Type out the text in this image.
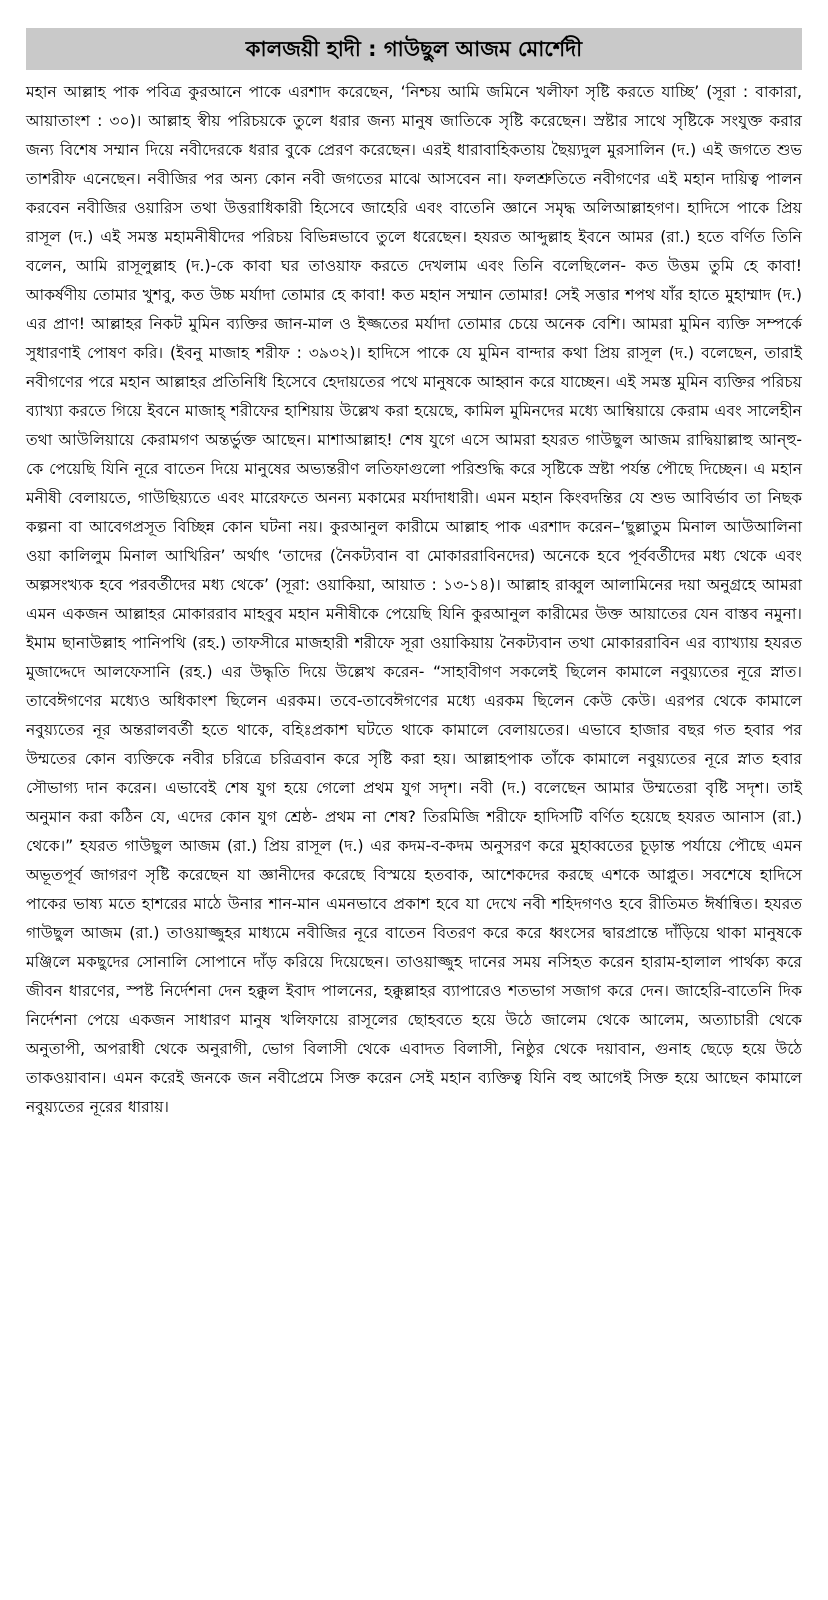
কালজয়ী হাদী : গাউছুল আজম মোর্শেদী

মহান আল্লাহ পাক পবিত্র কুরআনে পাকে এরশাদ করেছেন, ‘নিশ্চয় আমি জমিনে খলীফা সৃষ্টি করতে যাচ্ছি’ (সূরা : বাকারা, আয়াতাংশ : ৩০)। আল্লাহ স্বীয় পরিচয়কে তুলে ধরার জন্য মানুষ জাতিকে সৃষ্টি করেছেন। স্রষ্টার সাথে সৃষ্টিকে সংযুক্ত করার জন্য বিশেষ সম্মান দিয়ে নবীদেরকে ধরার বুকে প্রেরণ করেছেন। এরই ধারাবাহিকতায় ছৈয়্যদুল মুরসালিন (দ.) এই জগতে শুভ তাশরীফ এনেছেন। নবীজির পর অন্য কোন নবী জগতের মাঝে আসবেন না। ফলশ্রুতিতে নবীগণের এই মহান দায়িত্ব পালন করবেন নবীজির ওয়ারিস তথা উত্তরাধিকারী হিসেবে জাহেরি এবং বাতেনি জ্ঞানে সমৃদ্ধ অলিআল্লাহগণ। হাদিসে পাকে প্রিয় রাসূল (দ.) এই সমস্ত মহামনীষীদের পরিচয় বিভিন্নভাবে তুলে ধরেছেন। হযরত আব্দুল্লাহ ইবনে আমর (রা.) হতে বর্ণিত তিনি বলেন, আমি রাসূলুল্লাহ (দ.)-কে কাবা ঘর তাওয়াফ করতে দেখলাম এবং তিনি বলেছিলেন- কত উত্তম তুমি হে কাবা! আকর্ষণীয় তোমার খুশবু, কত উচ্চ মর্যাদা তোমার হে কাবা! কত মহান সম্মান তোমার! সেই সত্তার শপথ যাঁর হাতে মুহাম্মাদ (দ.) এর প্রাণ! আল্লাহর নিকট মুমিন ব্যক্তির জান-মাল ও ইজ্জতের মর্যাদা তোমার চেয়ে অনেক বেশি। আমরা মুমিন ব্যক্তি সম্পর্কে সুধারণাই পোষণ করি। (ইবনু মাজাহ শরীফ : ৩৯৩২)। হাদিসে পাকে যে মুমিন বান্দার কথা প্রিয় রাসূল (দ.) বলেছেন, তারাই নবীগণের পরে মহান আল্লাহর প্রতিনিধি হিসেবে হেদায়তের পথে মানুষকে আহ্বান করে যাচ্ছেন। এই সমস্ত মুমিন ব্যক্তির পরিচয় ব্যাখ্যা করতে গিয়ে ইবনে মাজাহ্ শরীফের হাশিয়ায় উল্লেখ করা হয়েছে, কামিল মুমিনদের মধ্যে আম্বিয়ায়ে কেরাম এবং সালেহীন তথা আউলিয়ায়ে কেরামগণ অন্তর্ভুক্ত আছেন। মাশাআল্লাহ! শেষ যুগে এসে আমরা হযরত গাউছুল আজম রাদ্বিয়াল্লাহু আন্হু-কে পেয়েছি যিনি নূরে বাতেন দিয়ে মানুষের অভ্যন্তরীণ লতিফাগুলো পরিশুদ্ধি করে সৃষ্টিকে স্রষ্টা পর্যন্ত পৌছে দিচ্ছেন। এ মহান মনীষী বেলায়তে, গাউছিয়্যতে এবং মারেফতে অনন্য মকামের মর্যাদাধারী। এমন মহান কিংবদন্তির যে শুভ আবির্ভাব তা নিছক কল্পনা বা আবেগপ্রসূত বিচ্ছিন্ন কোন ঘটনা নয়। কুরআনুল কারীমে আল্লাহ পাক এরশাদ করেন–‘ছুল্লাতুম মিনাল আউআলিনা ওয়া কালিলুম মিনাল আখিরিন’ অর্থাৎ ‘তাদের (নৈকট্যবান বা মোকাররাবিনদের) অনেকে হবে পূর্ববর্তীদের মধ্য থেকে এবং অল্পসংখ্যক হবে পরবর্তীদের মধ্য থেকে’ (সূরা: ওয়াকিয়া, আয়াত : ১৩-১৪)। আল্লাহ রাব্বুল আলামিনের দয়া অনুগ্রহে আমরা এমন একজন আল্লাহর মোকাররাব মাহবুব মহান মনীষীকে পেয়েছি যিনি কুরআনুল কারীমের উক্ত আয়াতের যেন বাস্তব নমুনা। ইমাম ছানাউল্লাহ পানিপথি (রহ.) তাফসীরে মাজহারী শরীফে সূরা ওয়াকিয়ায় নৈকট্যবান তথা মোকাররাবিন এর ব্যাখ্যায় হযরত মুজাদ্দেদে আলফেসানি (রহ.) এর উদ্ধৃতি দিয়ে উল্লেখ করেন- “সাহাবীগণ সকলেই ছিলেন কামালে নবুয়্যতের নূরে স্নাত। তাবেঈগণের মধ্যেও অধিকাংশ ছিলেন এরকম। তবে-তাবেঈগণের মধ্যে এরকম ছিলেন কেউ কেউ। এরপর থেকে কামালে নবুয়্যতের নূর অন্তরালবর্তী হতে থাকে, বহিঃপ্রকাশ ঘটতে থাকে কামালে বেলায়তের। এভাবে হাজার বছর গত হবার পর উম্মতের কোন ব্যক্তিকে নবীর চরিত্রে চরিত্রবান করে সৃষ্টি করা হয়। আল্লাহপাক তাঁকে কামালে নবুয়্যতের নূরে স্নাত হবার সৌভাগ্য দান করেন। এভাবেই শেষ যুগ হয়ে গেলো প্রথম যুগ সদৃশ। নবী (দ.) বলেছেন আমার উম্মতেরা বৃষ্টি সদৃশ। তাই অনুমান করা কঠিন যে, এদের কোন যুগ শ্রেষ্ঠ- প্রথম না শেষ? তিরমিজি শরীফে হাদিসটি বর্ণিত হয়েছে হযরত আনাস (রা.) থেকে।” হযরত গাউছুল আজম (রা.) প্রিয় রাসূল (দ.) এর কদম-ব-কদম অনুসরণ করে মুহাব্বতের চূড়ান্ত পর্যায়ে পৌছে এমন অভূতপূর্ব জাগরণ সৃষ্টি করেছেন যা জ্ঞানীদের করেছে বিস্ময়ে হতবাক, আশেকদের করছে এশকে আপ্লুত। সবশেষে হাদিসে পাকের ভাষ্য মতে হাশরের মাঠে উনার শান-মান এমনভাবে প্রকাশ হবে যা দেখে নবী শহিদগণও হবে রীতিমত ঈর্ষান্বিত। হযরত গাউছুল আজম (রা.) তাওয়াজ্জুহর মাধ্যমে নবীজির নূরে বাতেন বিতরণ করে করে ধ্বংসের দ্বারপ্রান্তে দাঁড়িয়ে থাকা মানুষকে মঞ্জিলে মকছুদের সোনালি সোপানে দাঁড় করিয়ে দিয়েছেন। তাওয়াজ্জুহ দানের সময় নসিহত করেন হারাম-হালাল পার্থক্য করে জীবন ধারণের, স্পষ্ট নির্দেশনা দেন হক্কুল ইবাদ পালনের, হক্কুল্লাহর ব্যাপারেও শতভাগ সজাগ করে দেন। জাহেরি-বাতেনি দিক নির্দেশনা পেয়ে একজন সাধারণ মানুষ খলিফায়ে রাসূলের ছোহবতে হয়ে উঠে জালেম থেকে আলেম, অত্যাচারী থেকে অনুতাপী, অপরাধী থেকে অনুরাগী, ভোগ বিলাসী থেকে এবাদত বিলাসী, নিষ্ঠুর থেকে দয়াবান, গুনাহ ছেড়ে হয়ে উঠে তাকওয়াবান। এমন করেই জনকে জন নবীপ্রেমে সিক্ত করেন সেই মহান ব্যক্তিত্ব যিনি বহু আগেই সিক্ত হয়ে আছেন কামালে নবুয়্যতের নূরের ধারায়।
